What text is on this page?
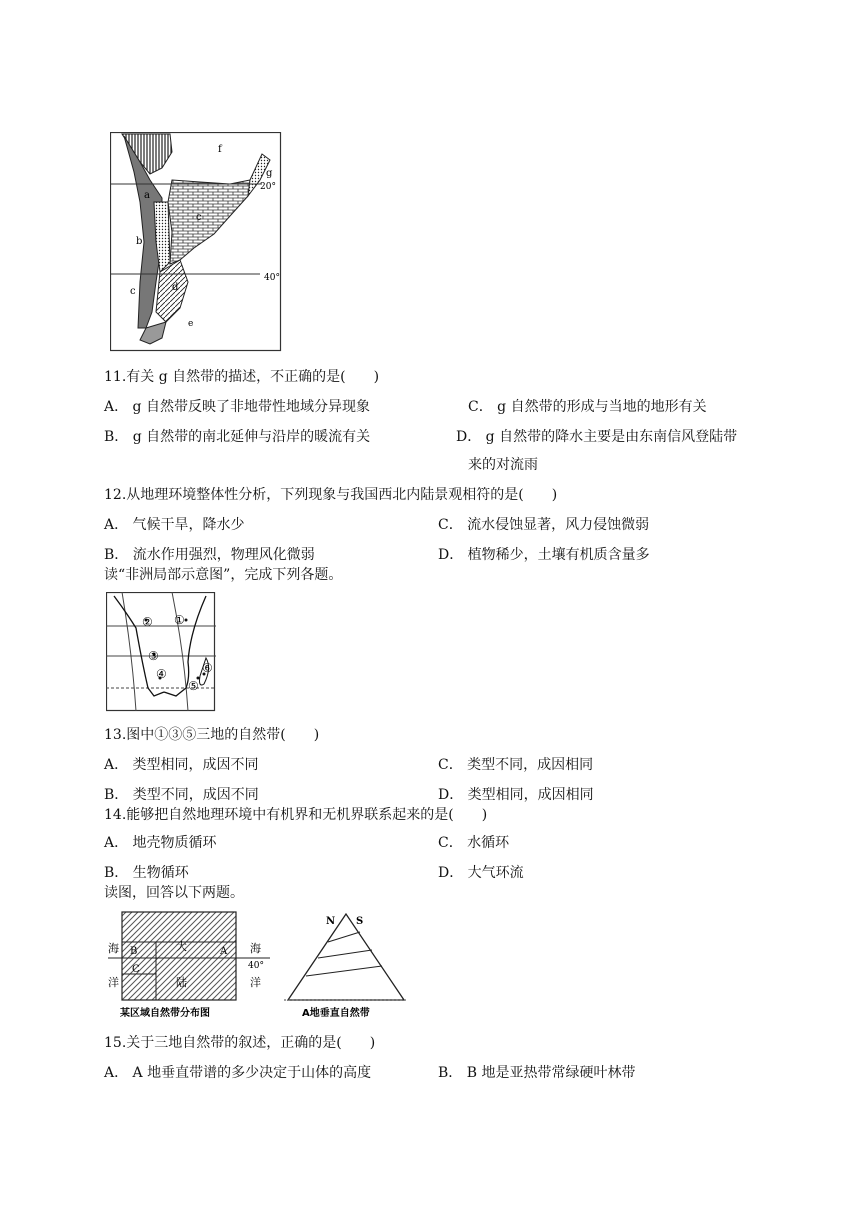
f
g
20°
a
b
c
c	d
40°
e
11.有关 g 自然带的描述，不正确的是(　　)
A． g 自然带反映了非地带性地域分异现象	C． g 自然带的形成与当地的地形有关
B． g 自然带的南北延伸与沿岸的暖流有关	D． g 自然带的降水主要是由东南信风登陆带
来的对流雨
12.从地理环境整体性分析，下列现象与我国西北内陆景观相符的是(　　)
A． 气候干旱，降水少	C． 流水侵蚀显著，风力侵蚀微弱
B． 流水作用强烈，物理风化微弱	D． 植物稀少，土壤有机质含量多
读“非洲局部示意图”，完成下列各题。
② ①
③
④
⑤
⑥
13.图中①③⑤三地的自然带(　　)
A． 类型相同，成因不同	C． 类型不同，成因相同
B． 类型不同，成因不同	D． 类型相同，成因相同
14.能够把自然地理环境中有机界和无机界联系起来的是(　　)
A． 地壳物质循环	C． 水循环
B． 生物循环	D． 大气环流
读图，回答以下两题。
海
洋
海
洋
B	A
C
大
陆
40°
某区域自然带分布图
N S
A地垂直自然带
15.关于三地自然带的叙述，正确的是(　　)
A． A 地垂直带谱的多少决定于山体的高度	B． B 地是亚热带常绿硬叶林带
